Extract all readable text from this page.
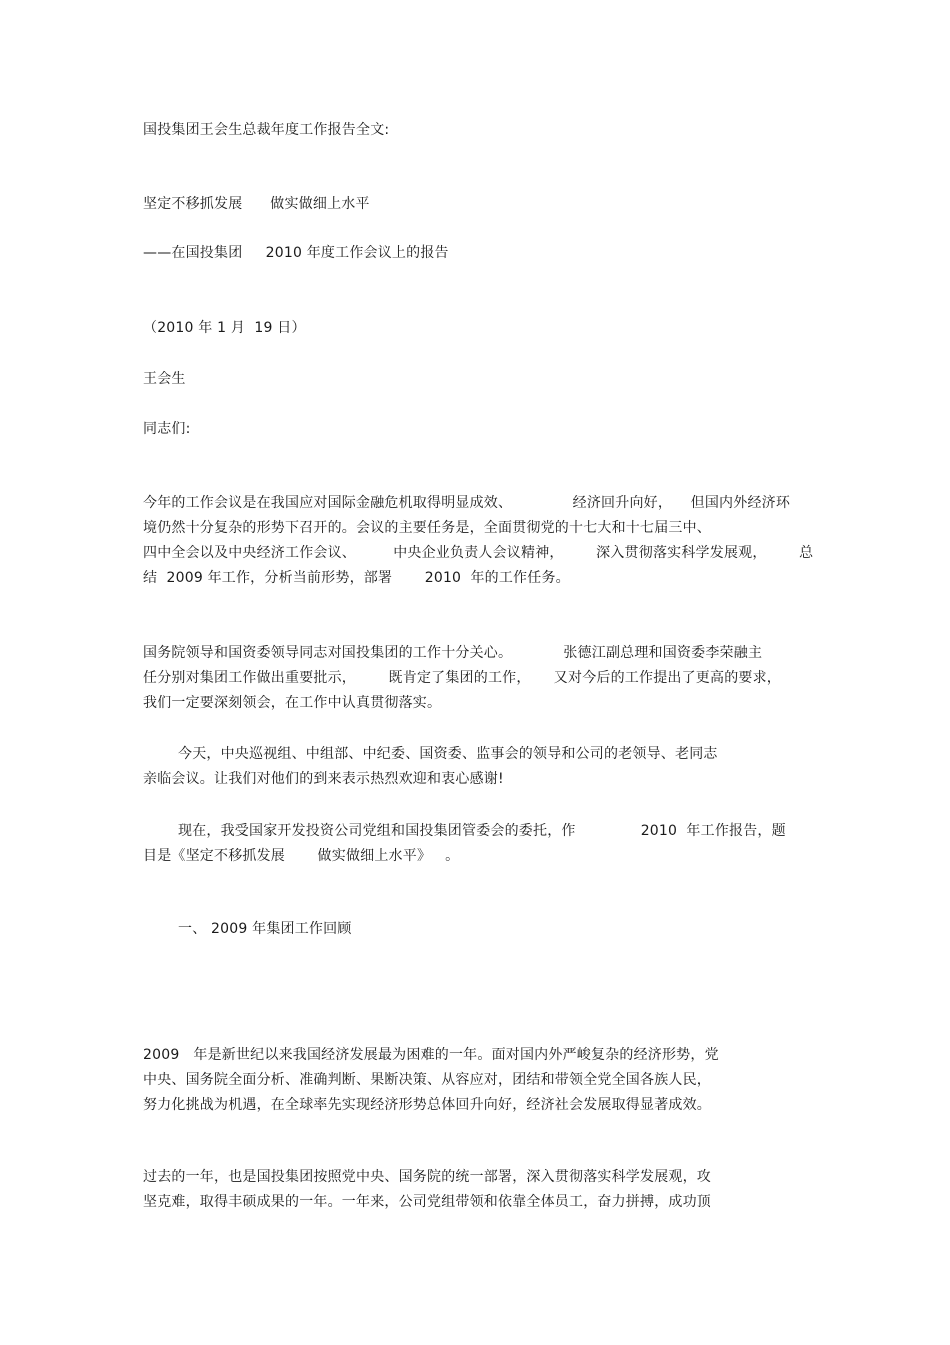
国投集团王会生总裁年度工作报告全文:
坚定不移抓发展      做实做细上水平
——在国投集团     2010 年度工作会议上的报告
（2010 年 1 月  19 日）
王会生
同志们:
今年的工作会议是在我国应对国际金融危机取得明显成效、             经济回升向好，    但国内外经济环
境仍然十分复杂的形势下召开的。会议的主要任务是，全面贯彻党的十七大和十七届三中、
四中全会以及中央经济工作会议、        中央企业负责人会议精神，       深入贯彻落实科学发展观，       总
结  2009 年工作，分析当前形势，部署       2010  年的工作任务。
国务院领导和国资委领导同志对国投集团的工作十分关心。           张德江副总理和国资委李荣融主
任分别对集团工作做出重要批示，       既肯定了集团的工作，     又对今后的工作提出了更高的要求，
我们一定要深刻领会，在工作中认真贯彻落实。
今天，中央巡视组、中组部、中纪委、国资委、监事会的领导和公司的老领导、老同志
亲临会议。让我们对他们的到来表示热烈欢迎和衷心感谢!
现在，我受国家开发投资公司党组和国投集团管委会的委托，作              2010  年工作报告，题
目是《坚定不移抓发展       做实做细上水平》   。
一、 2009 年集团工作回顾
2009   年是新世纪以来我国经济发展最为困难的一年。面对国内外严峻复杂的经济形势，党
中央、国务院全面分析、准确判断、果断决策、从容应对，团结和带领全党全国各族人民，
努力化挑战为机遇，在全球率先实现经济形势总体回升向好，经济社会发展取得显著成效。
过去的一年，也是国投集团按照党中央、国务院的统一部署，深入贯彻落实科学发展观，攻
坚克难，取得丰硕成果的一年。一年来，公司党组带领和依靠全体员工，奋力拼搏，成功顶
